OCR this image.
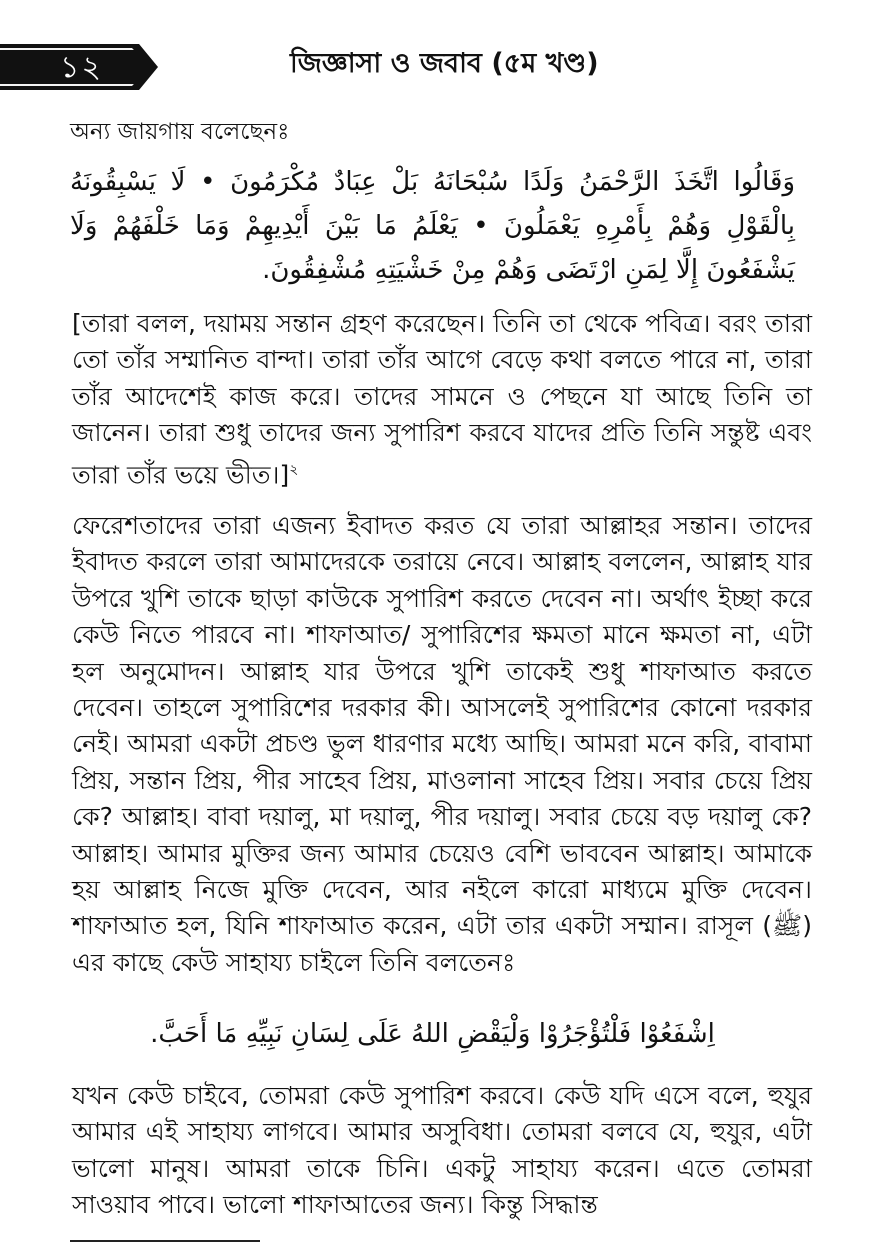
১২	জিজ্ঞাসা ও জবাব (৫ম খণ্ড)
অন্য জায়গায় বলেছেনঃ
وَقَالُوا اتَّخَذَ الرَّحْمَنُ وَلَدًا سُبْحَانَهُ بَلْ عِبَادٌ مُكْرَمُونَ • لَا يَسْبِقُونَهُ بِالْقَوْلِ وَهُمْ بِأَمْرِهِ يَعْمَلُونَ • يَعْلَمُ مَا بَيْنَ أَيْدِيهِمْ وَمَا خَلْفَهُمْ وَلَا يَشْفَعُونَ إِلَّا لِمَنِ ارْتَضَى وَهُمْ مِنْ خَشْيَتِهِ مُشْفِقُونَ.
[তারা বলল, দয়াময় সন্তান গ্রহণ করেছেন। তিনি তা থেকে পবিত্র। বরং তারা তো তাঁর সম্মানিত বান্দা। তারা তাঁর আগে বেড়ে কথা বলতে পারে না, তারা তাঁর আদেশেই কাজ করে। তাদের সামনে ও পেছনে যা আছে তিনি তা জানেন। তারা শুধু তাদের জন্য সুপারিশ করবে যাদের প্রতি তিনি সন্তুষ্ট এবং তারা তাঁর ভয়ে ভীত।]$^২$
ফেরেশতাদের তারা এজন্য ইবাদত করত যে তারা আল্লাহর সন্তান। তাদের ইবাদত করলে তারা আমাদেরকে তরায়ে নেবে। আল্লাহ বললেন, আল্লাহ যার উপরে খুশি তাকে ছাড়া কাউকে সুপারিশ করতে দেবেন না। অর্থাৎ ইচ্ছা করে কেউ নিতে পারবে না। শাফাআত/ সুপারিশের ক্ষমতা মানে ক্ষমতা না, এটা হল অনুমোদন। আল্লাহ যার উপরে খুশি তাকেই শুধু শাফাআত করতে দেবেন। তাহলে সুপারিশের দরকার কী। আসলেই সুপারিশের কোনো দরকার নেই। আমরা একটা প্রচণ্ড ভুল ধারণার মধ্যে আছি। আমরা মনে করি, বাবামা প্রিয়, সন্তান প্রিয়, পীর সাহেব প্রিয়, মাওলানা সাহেব প্রিয়। সবার চেয়ে প্রিয় কে? আল্লাহ। বাবা দয়ালু, মা দয়ালু, পীর দয়ালু। সবার চেয়ে বড় দয়ালু কে? আল্লাহ। আমার মুক্তির জন্য আমার চেয়েও বেশি ভাববেন আল্লাহ। আমাকে হয় আল্লাহ নিজে মুক্তি দেবেন, আর নইলে কারো মাধ্যমে মুক্তি দেবেন। শাফাআত হল, যিনি শাফাআত করেন, এটা তার একটা সম্মান। রাসূল (ﷺ) এর কাছে কেউ সাহায্য চাইলে তিনি বলতেনঃ
اِشْفَعُوْا فَلْتُؤْجَرُوْا وَلْيَقْضِ اللهُ عَلَى لِسَانِ نَبِيِّهِ مَا أَحَبَّ.
যখন কেউ চাইবে, তোমরা কেউ সুপারিশ করবে। কেউ যদি এসে বলে, হুযুর আমার এই সাহায্য লাগবে। আমার অসুবিধা। তোমরা বলবে যে, হুযুর, এটা ভালো মানুষ। আমরা তাকে চিনি। একটু সাহায্য করেন। এতে তোমরা সাওয়াব পাবে। ভালো শাফাআতের জন্য। কিন্তু সিদ্ধান্ত
